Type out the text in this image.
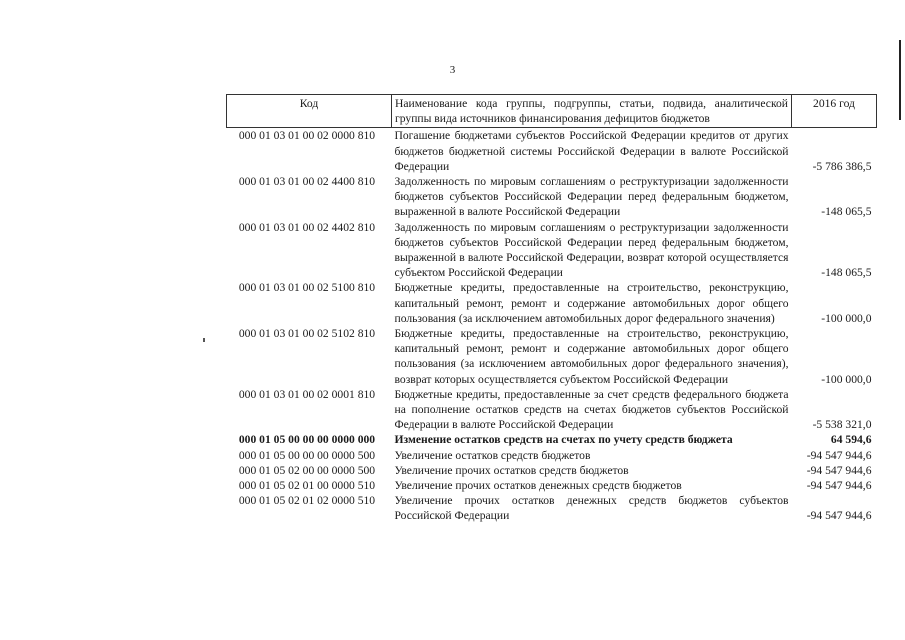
3
Код	Наименование кода группы, подгруппы, статьи, подвида, аналитической группы вида источников финансирования дефицитов бюджетов	2016 год
000 01 03 01 00 02 0000 810	Погашение бюджетами субъектов Российской Федерации кредитов от других бюджетов бюджетной системы Российской Федерации в валюте Российской Федерации	-5 786 386,5
000 01 03 01 00 02 4400 810	Задолженность по мировым соглашениям о реструктуризации задолженности бюджетов субъектов Российской Федерации перед федеральным бюджетом, выраженной в валюте Российской Федерации	-148 065,5
000 01 03 01 00 02 4402 810	Задолженность по мировым соглашениям о реструктуризации задолженности бюджетов субъектов Российской Федерации перед федеральным бюджетом, выраженной в валюте Российской Федерации, возврат которой осуществляется субъектом Российской Федерации	-148 065,5
000 01 03 01 00 02 5100 810	Бюджетные кредиты, предоставленные на строительство, реконструкцию, капитальный ремонт, ремонт и содержание автомобильных дорог общего пользования (за исключением автомобильных дорог федерального значения)	-100 000,0
000 01 03 01 00 02 5102 810	Бюджетные кредиты, предоставленные на строительство, реконструкцию, капитальный ремонт, ремонт и содержание автомобильных дорог общего пользования (за исключением автомобильных дорог федерального значения), возврат которых осуществляется субъектом Российской Федерации	-100 000,0
000 01 03 01 00 02 0001 810	Бюджетные кредиты, предоставленные за счет средств федерального бюджета на пополнение остатков средств на счетах бюджетов субъектов Российской Федерации в валюте Российской Федерации	-5 538 321,0
000 01 05 00 00 00 0000 000	Изменение остатков средств на счетах по учету средств бюджета	64 594,6
000 01 05 00 00 00 0000 500	Увеличение остатков средств бюджетов	-94 547 944,6
000 01 05 02 00 00 0000 500	Увеличение прочих остатков средств бюджетов	-94 547 944,6
000 01 05 02 01 00 0000 510	Увеличение прочих остатков денежных средств бюджетов	-94 547 944,6
000 01 05 02 01 02 0000 510	Увеличение прочих остатков денежных средств бюджетов субъектов Российской Федерации	-94 547 944,6
